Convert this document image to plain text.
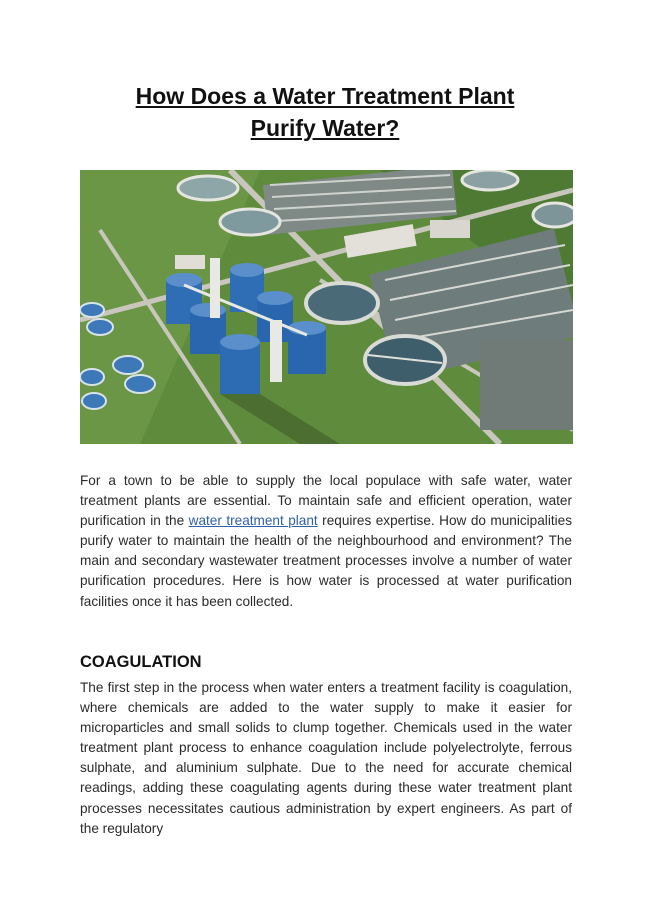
How Does a Water Treatment Plant
Purify Water?

For a town to be able to supply the local populace with safe water, water treatment plants are essential. To maintain safe and efficient operation, water purification in the water treatment plant requires expertise. How do municipalities purify water to maintain the health of the neighbourhood and environment? The main and secondary wastewater treatment processes involve a number of water purification procedures. Here is how water is processed at water purification facilities once it has been collected.

COAGULATION

The first step in the process when water enters a treatment facility is coagulation, where chemicals are added to the water supply to make it easier for microparticles and small solids to clump together. Chemicals used in the water treatment plant process to enhance coagulation include polyelectrolyte, ferrous sulphate, and aluminium sulphate. Due to the need for accurate chemical readings, adding these coagulating agents during these water treatment plant processes necessitates cautious administration by expert engineers. As part of the regulatory
